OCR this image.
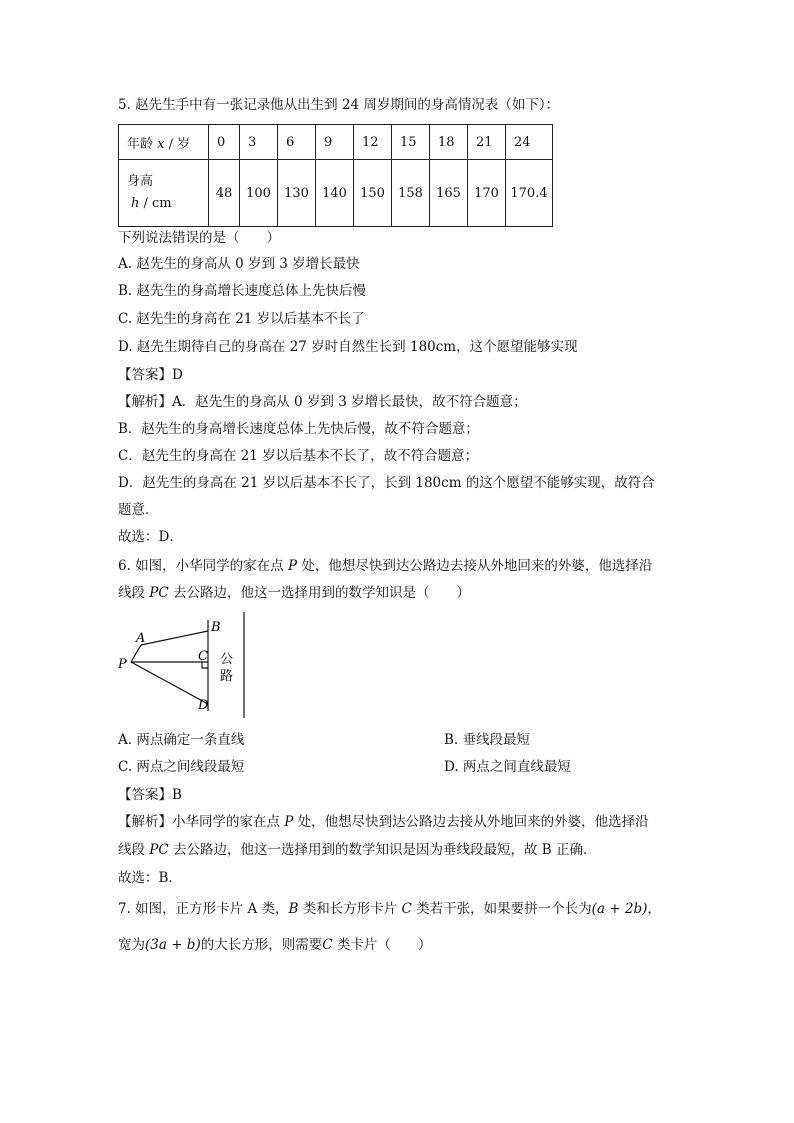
5. 赵先生手中有一张记录他从出生到 24 周岁期间的身高情况表（如下）：
年龄 x / 岁	0	3	6	9	12	15	18	21	24

身高
h / cm	48	100	130	140	150	158	165	170	170.4
下列说法错误的是（　　）
A. 赵先生的身高从 0 岁到 3 岁增长最快
B. 赵先生的身高增长速度总体上先快后慢
C. 赵先生的身高在 21 岁以后基本不长了
D. 赵先生期待自己的身高在 27 岁时自然生长到 180cm，这个愿望能够实现
【答案】D
【解析】A．赵先生的身高从 0 岁到 3 岁增长最快，故不符合题意；
B．赵先生的身高增长速度总体上先快后慢，故不符合题意；
C．赵先生的身高在 21 岁以后基本不长了，故不符合题意；
D．赵先生的身高在 21 岁以后基本不长了，长到 180cm 的这个愿望不能够实现，故符合
题意．
故选：D．
6. 如图，小华同学的家在点 P 处，他想尽快到达公路边去接从外地回来的外婆，他选择沿
线段 PC 去公路边，他这一选择用到的数学知识是（　　）
A
B
C
D
P	公
路
A. 两点确定一条直线	B. 垂线段最短
C. 两点之间线段最短	D. 两点之间直线最短
【答案】B
【解析】小华同学的家在点 P 处，他想尽快到达公路边去接从外地回来的外婆，他选择沿
线段 PC 去公路边，他这一选择用到的数学知识是因为垂线段最短，故 B 正确．
故选：B．
7. 如图，正方形卡片 A 类，B 类和长方形卡片 C 类若干张，如果要拼一个长为(a + 2b)，
宽为(3a + b)的大长方形，则需要C 类卡片（　　）
